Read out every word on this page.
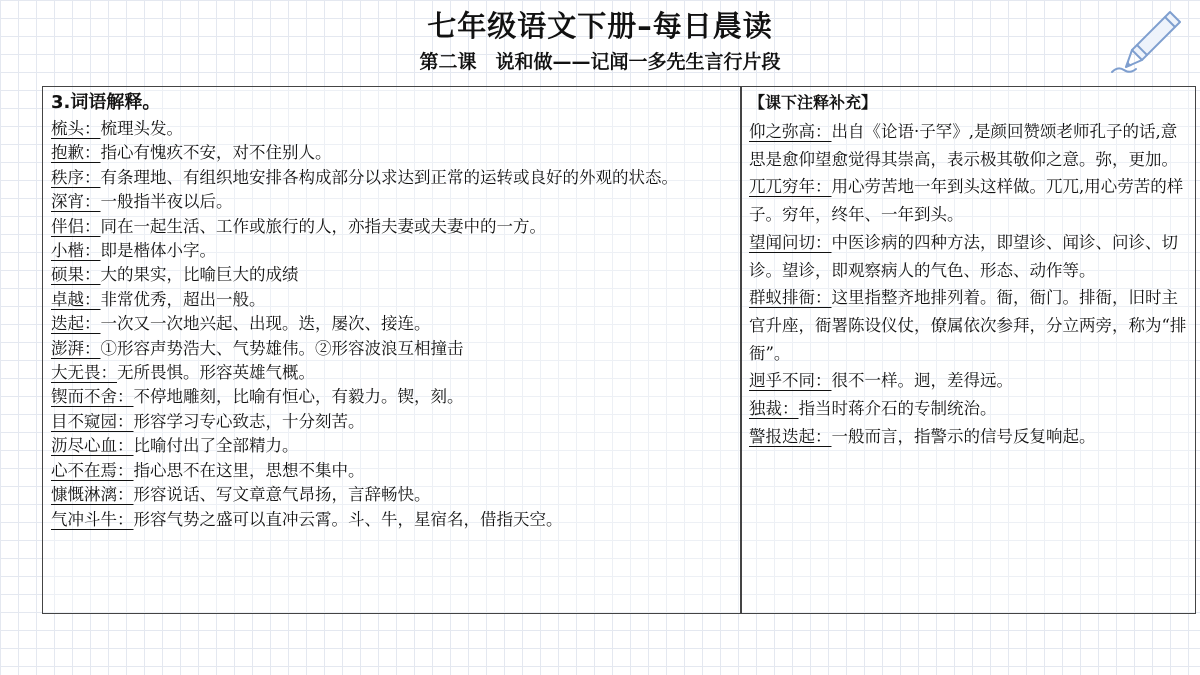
七年级语文下册–每日晨读
第二课　说和做——记闻一多先生言行片段
3.词语解释。

梳头：梳理头发。

抱歉：指心有愧疚不安，对不住别人。

秩序：有条理地、有组织地安排各构成部分以求达到正常的运转或良好的外观的状态。

深宵：一般指半夜以后。

伴侣：同在一起生活、工作或旅行的人，亦指夫妻或夫妻中的一方。

小楷：即是楷体小字。

硕果：大的果实，比喻巨大的成绩

卓越：非常优秀，超出一般。

迭起：一次又一次地兴起、出现。迭，屡次、接连。

澎湃：①形容声势浩大、气势雄伟。②形容波浪互相撞击

大无畏：无所畏惧。形容英雄气概。

锲而不舍：不停地雕刻，比喻有恒心，有毅力。锲，刻。

目不窥园：形容学习专心致志，十分刻苦。

沥尽心血：比喻付出了全部精力。

心不在焉：指心思不在这里，思想不集中。

慷慨淋漓：形容说话、写文章意气昂扬，言辞畅快。

气冲斗牛：形容气势之盛可以直冲云霄。斗、牛，星宿名，借指天空。

【课下注释补充】

仰之弥高：出自《论语·子罕》,是颜回赞颂老师孔子的话,意思是愈仰望愈觉得其崇高，表示极其敬仰之意。弥，更加。

兀兀穷年：用心劳苦地一年到头这样做。兀兀,用心劳苦的样子。穷年，终年、一年到头。

望闻问切：中医诊病的四种方法，即望诊、闻诊、问诊、切诊。望诊，即观察病人的气色、形态、动作等。

群蚁排衙：这里指整齐地排列着。衙，衙门。排衙，旧时主官升座，衙署陈设仪仗，僚属依次参拜，分立两旁，称为“排衙”。

迥乎不同：很不一样。迥，差得远。

独裁：指当时蒋介石的专制统治。

警报迭起：一般而言，指警示的信号反复响起。
